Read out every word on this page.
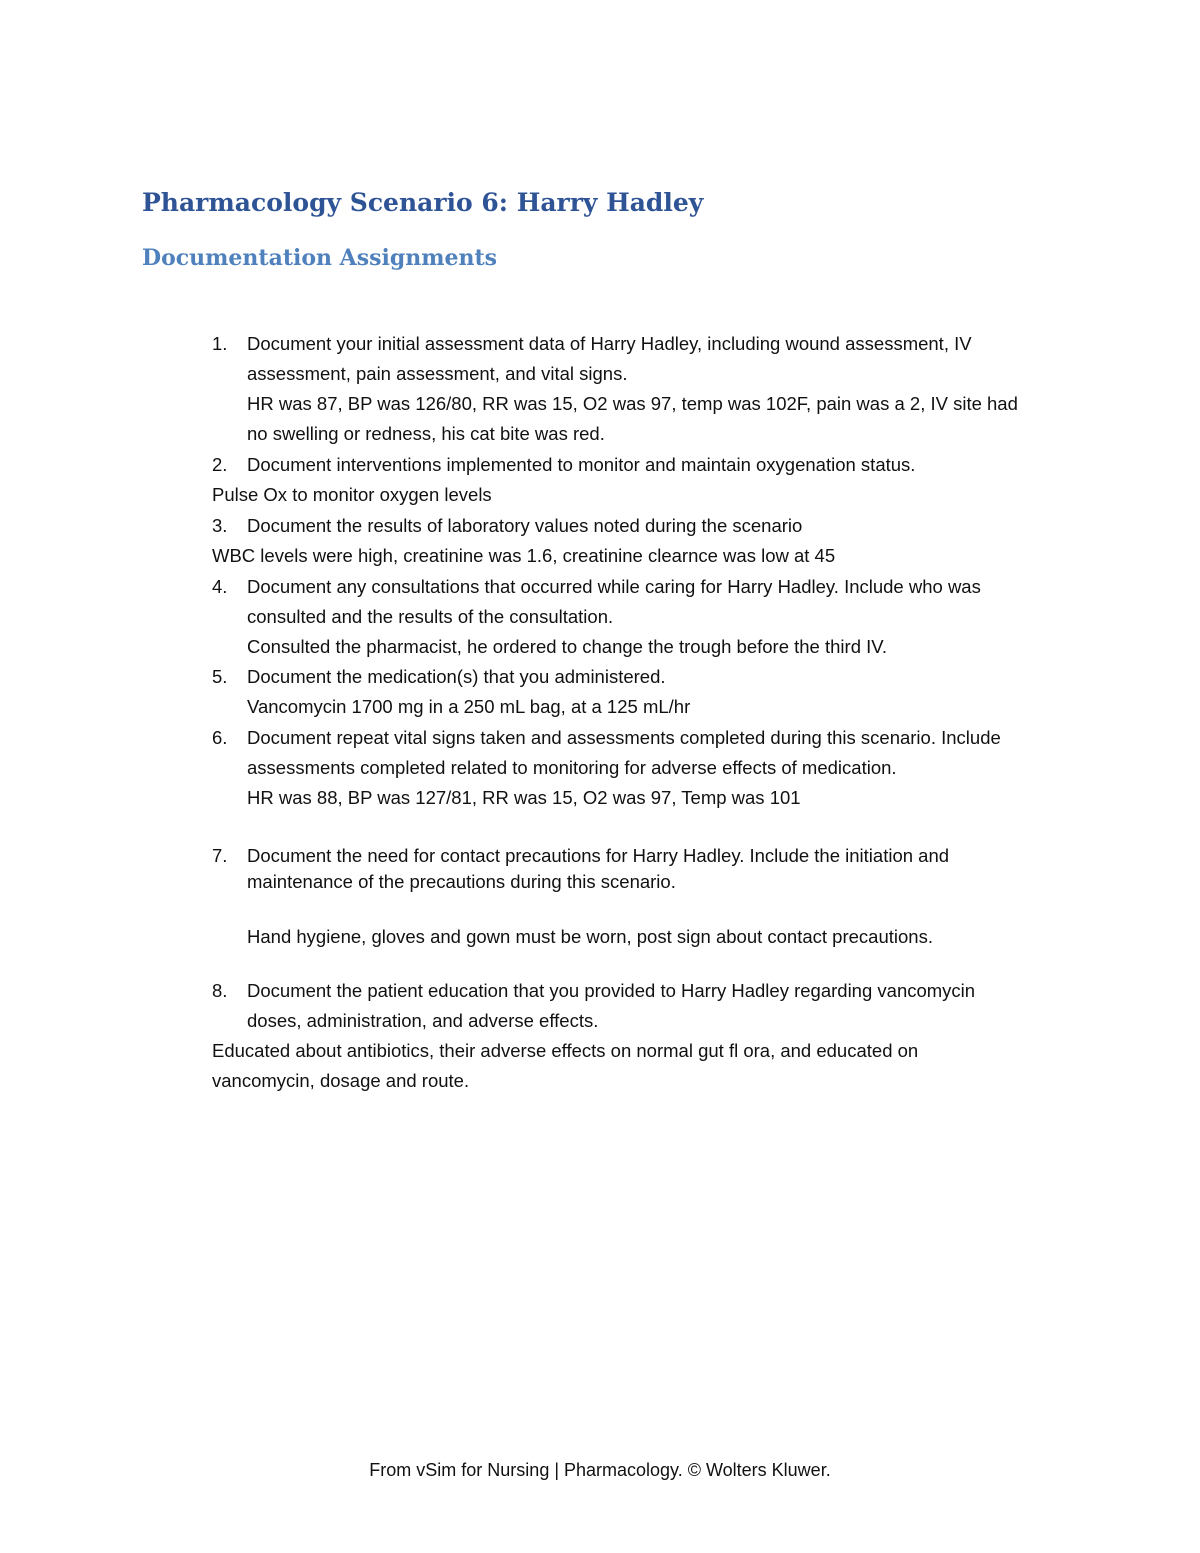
Pharmacology Scenario 6: Harry Hadley
Documentation Assignments
1. Document your initial assessment data of Harry Hadley, including wound assessment, IV
assessment, pain assessment, and vital signs.
HR was 87, BP was 126/80, RR was 15, O2 was 97, temp was 102F, pain was a 2, IV site had
no swelling or redness, his cat bite was red.
2. Document interventions implemented to monitor and maintain oxygenation status.
Pulse Ox to monitor oxygen levels
3. Document the results of laboratory values noted during the scenario
WBC levels were high, creatinine was 1.6, creatinine clearnce was low at 45
4. Document any consultations that occurred while caring for Harry Hadley. Include who was
consulted and the results of the consultation.
Consulted the pharmacist, he ordered to change the trough before the third IV.
5. Document the medication(s) that you administered.
Vancomycin 1700 mg in a 250 mL bag, at a 125 mL/hr
6. Document repeat vital signs taken and assessments completed during this scenario. Include
assessments completed related to monitoring for adverse effects of medication.
HR was 88, BP was 127/81, RR was 15, O2 was 97, Temp was 101
7. Document the need for contact precautions for Harry Hadley. Include the initiation and
maintenance of the precautions during this scenario.
Hand hygiene, gloves and gown must be worn, post sign about contact precautions.
8. Document the patient education that you provided to Harry Hadley regarding vancomycin
doses, administration, and adverse effects.
Educated about antibiotics, their adverse effects on normal gut fl ora, and educated on
vancomycin, dosage and route.
From vSim for Nursing | Pharmacology. © Wolters Kluwer.
